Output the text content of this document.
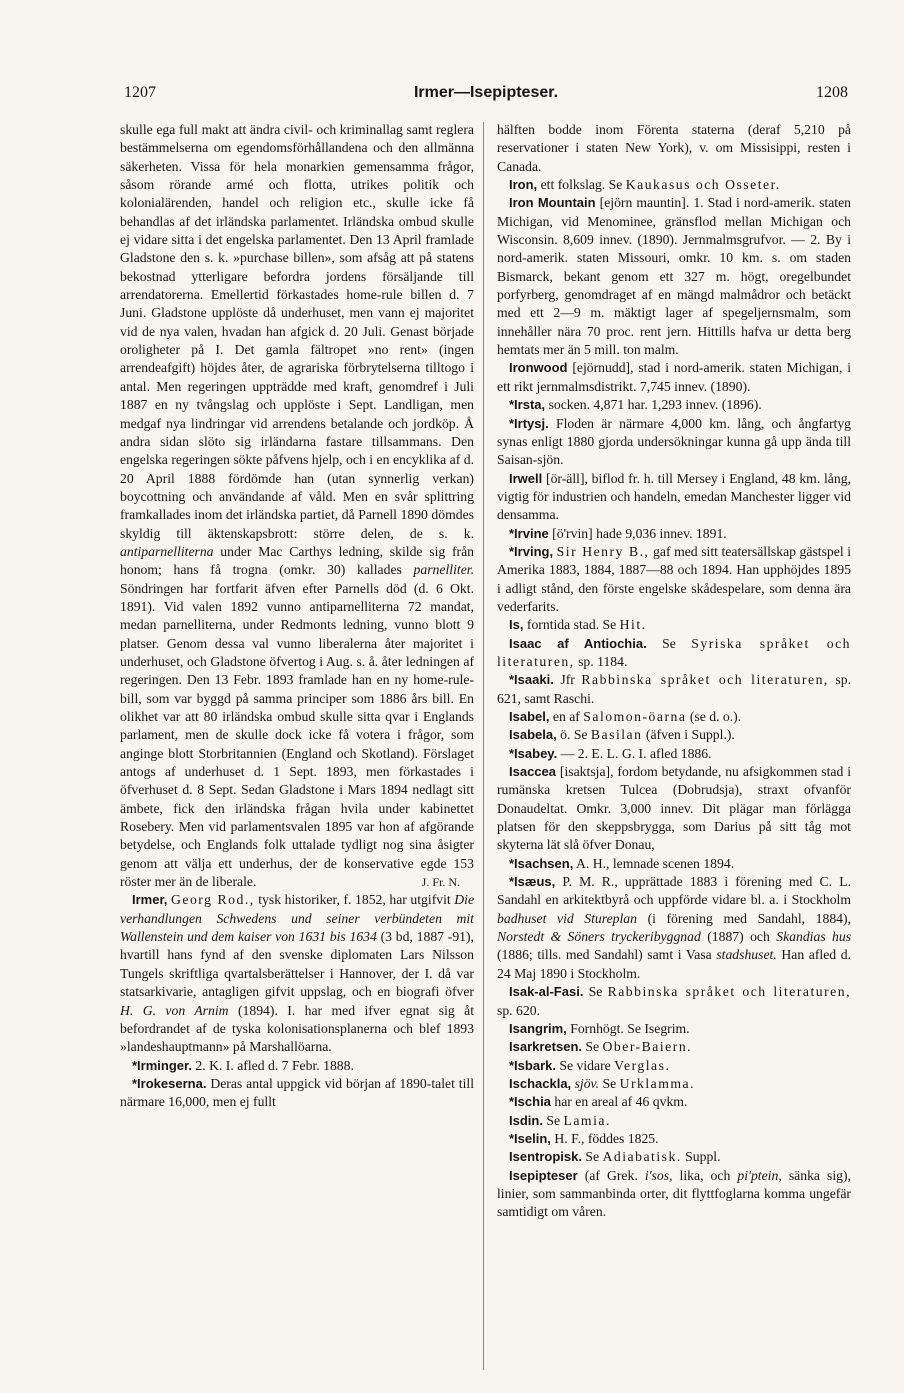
1207	Irmer—Isepipteser.	1208

skulle ega full makt att ändra civil- och kriminallag samt reglera bestämmelserna om egendomsförhållandena och den allmänna säkerheten. Vissa för hela monarkien gemensamma frågor, såsom rörande armé och flotta, utrikes politik och kolonialärenden, handel och religion etc., skulle icke få behandlas af det irländska parlamentet. Irländska ombud skulle ej vidare sitta i det engelska parlamentet. Den 13 April framlade Gladstone den s. k. »purchase billen», som afsåg att på statens bekostnad ytterligare befordra jordens försäljande till arrendatorerna. Emellertid förkastades home-rule billen d. 7 Juni. Gladstone upplöste då underhuset, men vann ej majoritet vid de nya valen, hvadan han afgick d. 20 Juli. Genast började oroligheter på I. Det gamla fältropet »no rent» (ingen arrendeafgift) höjdes åter, de agrariska förbrytelserna tilltogo i antal. Men regeringen uppträdde med kraft, genomdref i Juli 1887 en ny tvångslag och upplöste i Sept. Landligan, men medgaf nya lindringar vid arrendens betalande och jordköp. Å andra sidan slöto sig irländarna fastare tillsammans. Den engelska regeringen sökte påfvens hjelp, och i en encyklika af d. 20 April 1888 fördömde han (utan synnerlig verkan) boycottning och användande af våld. Men en svår splittring framkallades inom det irländska partiet, då Parnell 1890 dömdes skyldig till äktenskapsbrott: större delen, de s. k. antiparnelliterna under Mac Carthys ledning, skilde sig från honom; hans få trogna (omkr. 30) kallades parnelliter. Söndringen har fortfarit äfven efter Parnells död (d. 6 Okt. 1891). Vid valen 1892 vunno antiparnelliterna 72 mandat, medan parnelliterna, under Redmonts ledning, vunno blott 9 platser. Genom dessa val vunno liberalerna åter majoritet i underhuset, och Gladstone öfvertog i Aug. s. å. åter ledningen af regeringen. Den 13 Febr. 1893 framlade han en ny home-rule-bill, som var byggd på samma principer som 1886 års bill. En olikhet var att 80 irländska ombud skulle sitta qvar i Englands parlament, men de skulle dock icke få votera i frågor, som anginge blott Storbritannien (England och Skotland). Förslaget antogs af underhuset d. 1 Sept. 1893, men förkastades i öfverhuset d. 8 Sept. Sedan Gladstone i Mars 1894 nedlagt sitt ämbete, fick den irländska frågan hvila under kabinettet Rosebery. Men vid parlamentsvalen 1895 var hon af afgörande betydelse, och Englands folk uttalade tydligt nog sina åsigter genom att välja ett underhus, der de konservative egde 153 röster mer än de liberale.	J. Fr. N.

Irmer, Georg Rod., tysk historiker, f. 1852, har utgifvit Die verhandlungen Schwedens und seiner verbündeten mit Wallenstein und dem kaiser von 1631 bis 1634 (3 bd, 1887 -91), hvartill hans fynd af den svenske diplomaten Lars Nilsson Tungels skriftliga qvartalsberättelser i Hannover, der I. då var statsarkivarie, antagligen gifvit uppslag, och en biografi öfver H. G. von Arnim (1894). I. har med ifver egnat sig åt befordrandet af de tyska kolonisationsplanerna och blef 1893 »landeshauptmann» på Marshallöarna.

*Irminger. 2. K. I. afled d. 7 Febr. 1888.

*Irokeserna. Deras antal uppgick vid början af 1890-talet till närmare 16,000, men ej fullt

hälften bodde inom Förenta staterna (deraf 5,210 på reservationer i staten New York), v. om Missisippi, resten i Canada.

Iron, ett folkslag. Se Kaukasus och Osseter.

Iron Mountain [ejörn mauntin]. 1. Stad i nord-amerik. staten Michigan, vid Menominee, gränsflod mellan Michigan och Wisconsin. 8,609 innev. (1890). Jernmalmsgrufvor. — 2. By i nord-amerik. staten Missouri, omkr. 10 km. s. om staden Bismarck, bekant genom ett 327 m. högt, oregelbundet porfyrberg, genomdraget af en mängd malmådror och betäckt med ett 2—9 m. mäktigt lager af spegeljernsmalm, som innehåller nära 70 proc. rent jern. Hittills hafva ur detta berg hemtats mer än 5 mill. ton malm.

Ironwood [ejörnudd], stad i nord-amerik. staten Michigan, i ett rikt jernmalmsdistrikt. 7,745 innev. (1890).

*Irsta, socken. 4,871 har. 1,293 innev. (1896).

*Irtysj. Floden är närmare 4,000 km. lång, och ångfartyg synas enligt 1880 gjorda undersökningar kunna gå upp ända till Saisan-sjön.

Irwell [ör-äll], biflod fr. h. till Mersey i England, 48 km. lång, vigtig för industrien och handeln, emedan Manchester ligger vid densamma.

*Irvine [ö'rvin] hade 9,036 innev. 1891.

*Irving, Sir Henry B., gaf med sitt teatersällskap gästspel i Amerika 1883, 1884, 1887—88 och 1894. Han upphöjdes 1895 i adligt stånd, den förste engelske skådespelare, som denna ära vederfarits.

Is, forntida stad. Se Hit.

Isaac af Antiochia. Se Syriska språket och literaturen, sp. 1184.

*Isaaki. Jfr Rabbinska språket och literaturen, sp. 621, samt Raschi.

Isabel, en af Salomon-öarna (se d. o.).

Isabela, ö. Se Basilan (äfven i Suppl.).

*Isabey. — 2. E. L. G. I. afled 1886.

Isaccea [isaktsja], fordom betydande, nu afsigkommen stad i rumänska kretsen Tulcea (Dobrudsja), straxt ofvanför Donaudeltat. Omkr. 3,000 innev. Dit plägar man förlägga platsen för den skeppsbrygga, som Darius på sitt tåg mot skyterna lät slå öfver Donau,

*Isachsen, A. H., lemnade scenen 1894.

*Isæus, P. M. R., upprättade 1883 i förening med C. L. Sandahl en arkitektbyrå och uppförde vidare bl. a. i Stockholm badhuset vid Stureplan (i förening med Sandahl, 1884), Norstedt & Söners tryckeribyggnad (1887) och Skandias hus (1886; tills. med Sandahl) samt i Vasa stadshuset. Han afled d. 24 Maj 1890 i Stockholm.

Isak-al-Fasi. Se Rabbinska språket och literaturen, sp. 620.

Isangrim, Fornhögt. Se Isegrim.

Isarkretsen. Se Ober-Baiern.

*Isbark. Se vidare Verglas.

Ischackla, sjöv. Se Urklamma.

*Ischia har en areal af 46 qvkm.

Isdin. Se Lamia.

*Iselin, H. F., föddes 1825.

Isentropisk. Se Adiabatisk. Suppl.

Isepipteser (af Grek. i'sos, lika, och pi'ptein, sänka sig), linier, som sammanbinda orter, dit flyttfoglarna komma ungefär samtidigt om våren.
